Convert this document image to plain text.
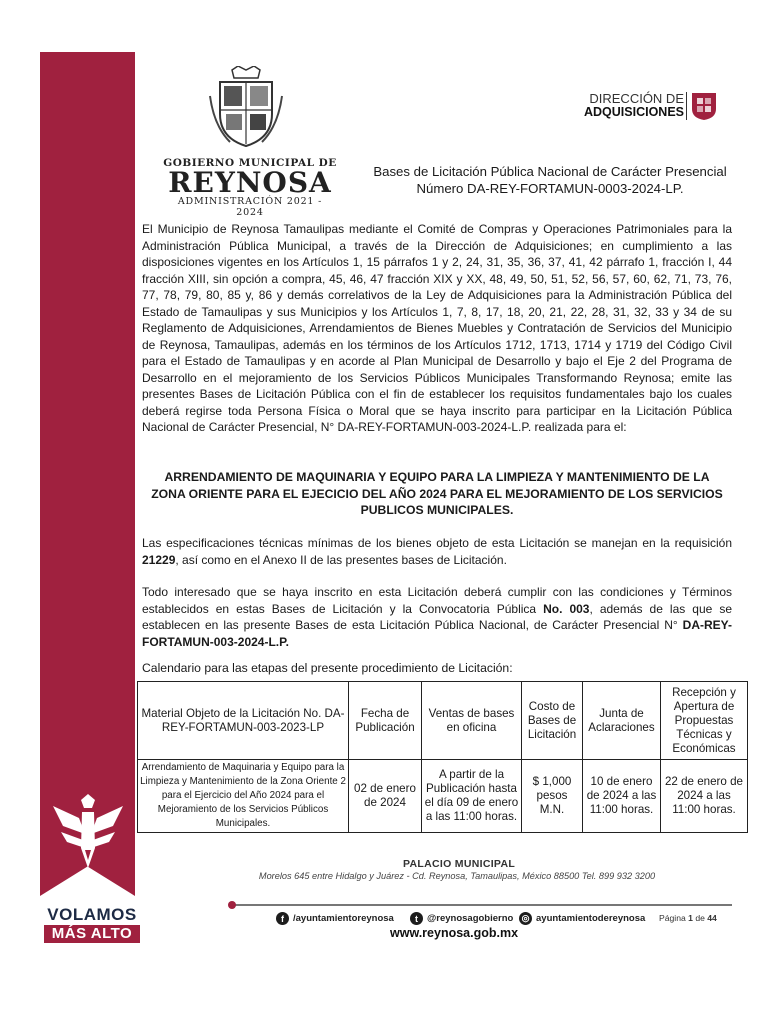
VOLAMOS
MÁS ALTO
GOBIERNO MUNICIPAL DE
REYNOSA
ADMINISTRACIÓN 2021 - 2024
DIRECCIÓN DE
ADQUISICIONES
Bases de Licitación Pública Nacional de Carácter Presencial
Número DA-REY-FORTAMUN-0003-2024-LP.
El Municipio de Reynosa Tamaulipas mediante el Comité de Compras y Operaciones Patrimoniales para la Administración Pública Municipal, a través de la Dirección de Adquisiciones; en cumplimiento a las disposiciones vigentes en los Artículos 1, 15 párrafos 1 y 2, 24, 31, 35, 36, 37, 41, 42 párrafo 1, fracción I, 44 fracción XIII, sin opción a compra, 45, 46, 47 fracción XIX y XX, 48, 49, 50, 51, 52, 56, 57, 60, 62, 71, 73, 76, 77, 78, 79, 80, 85 y, 86 y demás correlativos de la Ley de Adquisiciones para la Administración Pública del Estado de Tamaulipas y sus Municipios y los Artículos 1, 7, 8, 17, 18, 20, 21, 22, 28, 31, 32, 33 y 34 de su Reglamento de Adquisiciones, Arrendamientos de Bienes Muebles y Contratación de Servicios del Municipio de Reynosa, Tamaulipas, además en los términos de los Artículos 1712, 1713, 1714 y 1719 del Código Civil para el Estado de Tamaulipas y en acorde al Plan Municipal de Desarrollo y bajo el Eje 2 del Programa de Desarrollo en el mejoramiento de los Servicios Públicos Municipales Transformando Reynosa; emite las presentes Bases de Licitación Pública con el fin de establecer los requisitos fundamentales bajo los cuales deberá regirse toda Persona Física o Moral que se haya inscrito para participar en la Licitación Pública Nacional de Carácter Presencial, N° DA-REY-FORTAMUN-003-2024-L.P. realizada para el:
ARRENDAMIENTO DE MAQUINARIA Y EQUIPO PARA LA LIMPIEZA Y MANTENIMIENTO DE LA ZONA ORIENTE PARA EL EJECICIO DEL AÑO 2024 PARA EL MEJORAMIENTO DE LOS SERVICIOS PUBLICOS MUNICIPALES.
Las especificaciones técnicas mínimas de los bienes objeto de esta Licitación se manejan en la requisición 21229, así como en el Anexo II de las presentes bases de Licitación.
Todo interesado que se haya inscrito en esta Licitación deberá cumplir con las condiciones y Términos establecidos en estas Bases de Licitación y la Convocatoria Pública No. 003, además de las que se establecen en las presente Bases de esta Licitación Pública Nacional, de Carácter Presencial N° DA-REY-FORTAMUN-003-2024-L.P.
Calendario para las etapas del presente procedimiento de Licitación:
Material Objeto de la Licitación No. DA-REY-FORTAMUN-003-2023-LP	Fecha de Publicación	Ventas de bases en oficina	Costo de Bases de Licitación	Junta de Aclaraciones	Recepción y Apertura de Propuestas Técnicas y Económicas
Arrendamiento de Maquinaria y Equipo para la Limpieza y Mantenimiento de la Zona Oriente 2 para el Ejercicio del Año 2024 para el Mejoramiento de los Servicios Públicos Municipales.	02 de enero de 2024	A partir de la Publicación hasta el día 09 de enero a las 11:00 horas.	$ 1,000 pesos M.N.	10 de enero de 2024 a las 11:00 horas.	22 de enero de 2024 a las 11:00 horas.
PALACIO MUNICIPAL
Morelos 645 entre Hidalgo y Juárez - Cd. Reynosa, Tamaulipas, México 88500 Tel. 899 932 3200
f /ayuntamientoreynosa	t @reynosagobierno ◎ ayuntamientodereynosa Página 1 de 44
www.reynosa.gob.mx
